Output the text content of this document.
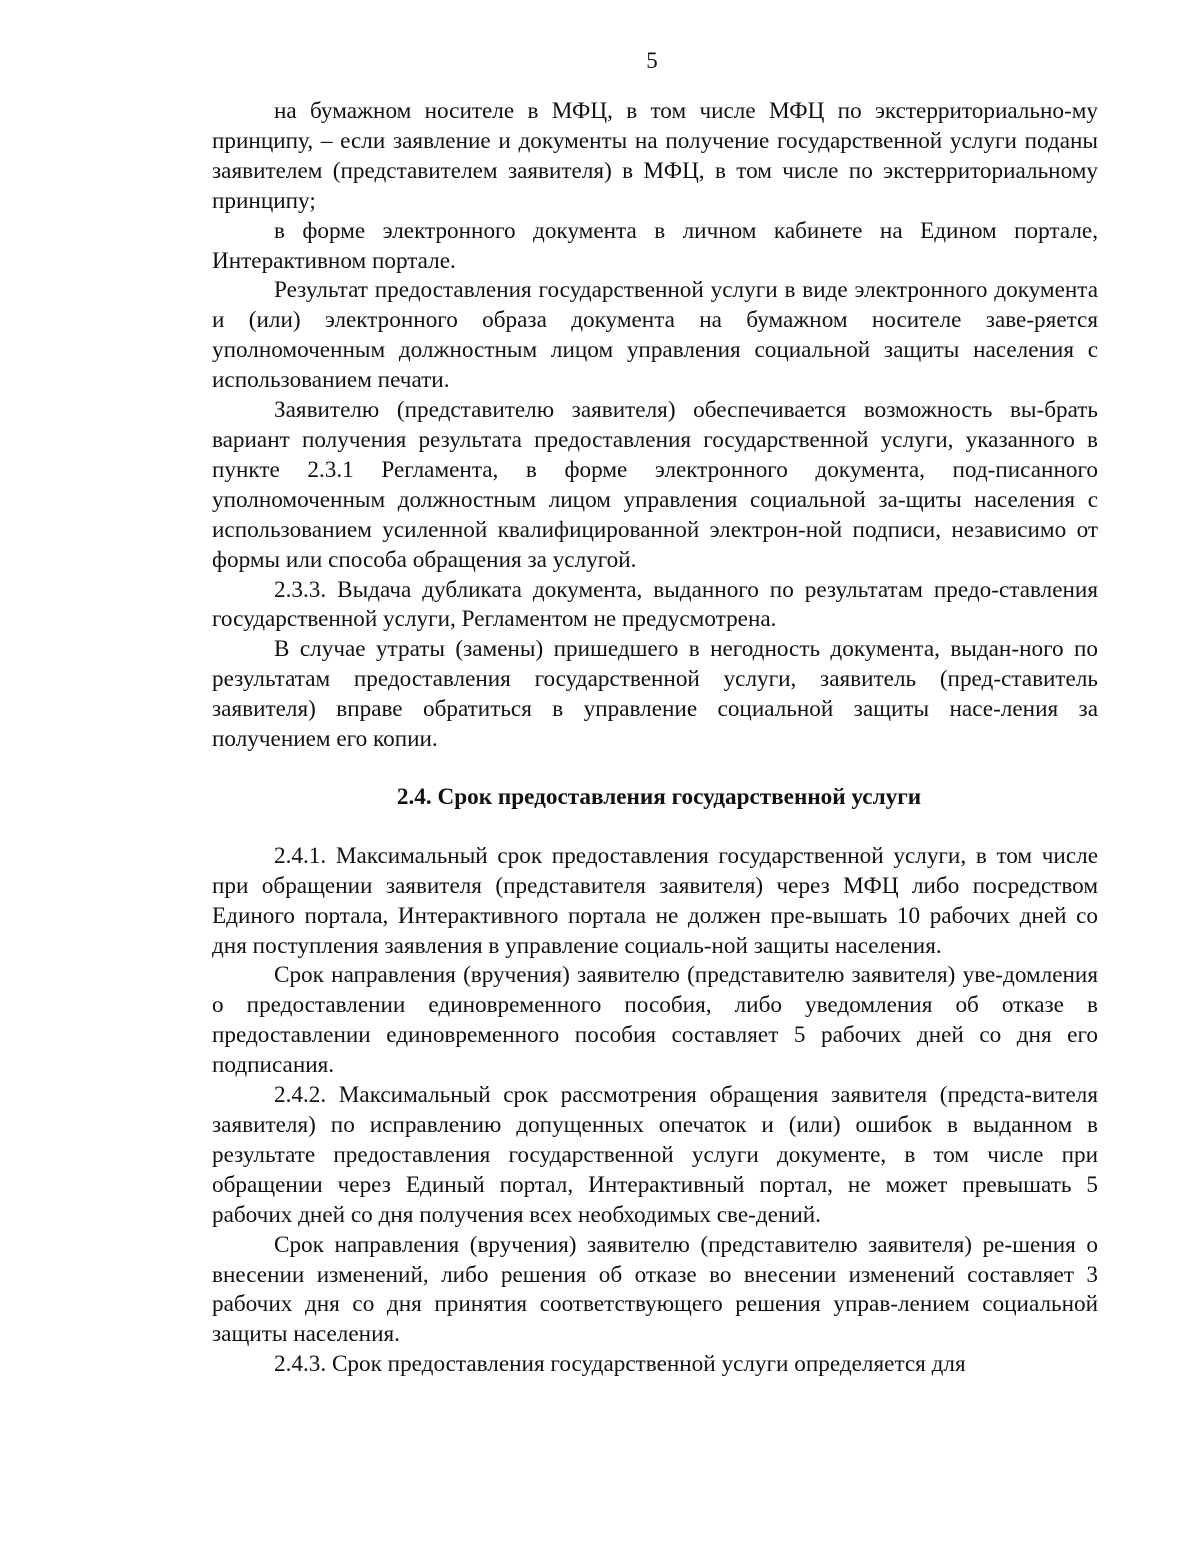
5

на бумажном носителе в МФЦ, в том числе МФЦ по экстерриториально-му принципу, – если заявление и документы на получение государственной услуги поданы заявителем (представителем заявителя) в МФЦ, в том числе по экстерриториальному принципу;

в форме электронного документа в личном кабинете на Едином портале, Интерактивном портале.

Результат предоставления государственной услуги в виде электронного документа и (или) электронного образа документа на бумажном носителе заве-ряется уполномоченным должностным лицом управления социальной защиты населения с использованием печати.

Заявителю (представителю заявителя) обеспечивается возможность вы-брать вариант получения результата предоставления государственной услуги, указанного в пункте 2.3.1 Регламента, в форме электронного документа, под-писанного уполномоченным должностным лицом управления социальной за-щиты населения с использованием усиленной квалифицированной электрон-ной подписи, независимо от формы или способа обращения за услугой.

2.3.3. Выдача дубликата документа, выданного по результатам предо-ставления государственной услуги, Регламентом не предусмотрена.

В случае утраты (замены) пришедшего в негодность документа, выдан-ного по результатам предоставления государственной услуги, заявитель (пред-ставитель заявителя) вправе обратиться в управление социальной защиты насе-ления за получением его копии.

2.4. Срок предоставления государственной услуги

2.4.1. Максимальный срок предоставления государственной услуги, в том числе при обращении заявителя (представителя заявителя) через МФЦ либо посредством Единого портала, Интерактивного портала не должен пре-вышать 10 рабочих дней со дня поступления заявления в управление социаль-ной защиты населения.

Срок направления (вручения) заявителю (представителю заявителя) уве-домления о предоставлении единовременного пособия, либо уведомления об отказе в предоставлении единовременного пособия составляет 5 рабочих дней со дня его подписания.

2.4.2. Максимальный срок рассмотрения обращения заявителя (предста-вителя заявителя) по исправлению допущенных опечаток и (или) ошибок в выданном в результате предоставления государственной услуги документе, в том числе при обращении через Единый портал, Интерактивный портал, не может превышать 5 рабочих дней со дня получения всех необходимых све-дений.

Срок направления (вручения) заявителю (представителю заявителя) ре-шения о внесении изменений, либо решения об отказе во внесении изменений составляет 3 рабочих дня со дня принятия соответствующего решения управ-лением социальной защиты населения.

2.4.3. Срок предоставления государственной услуги определяется для
